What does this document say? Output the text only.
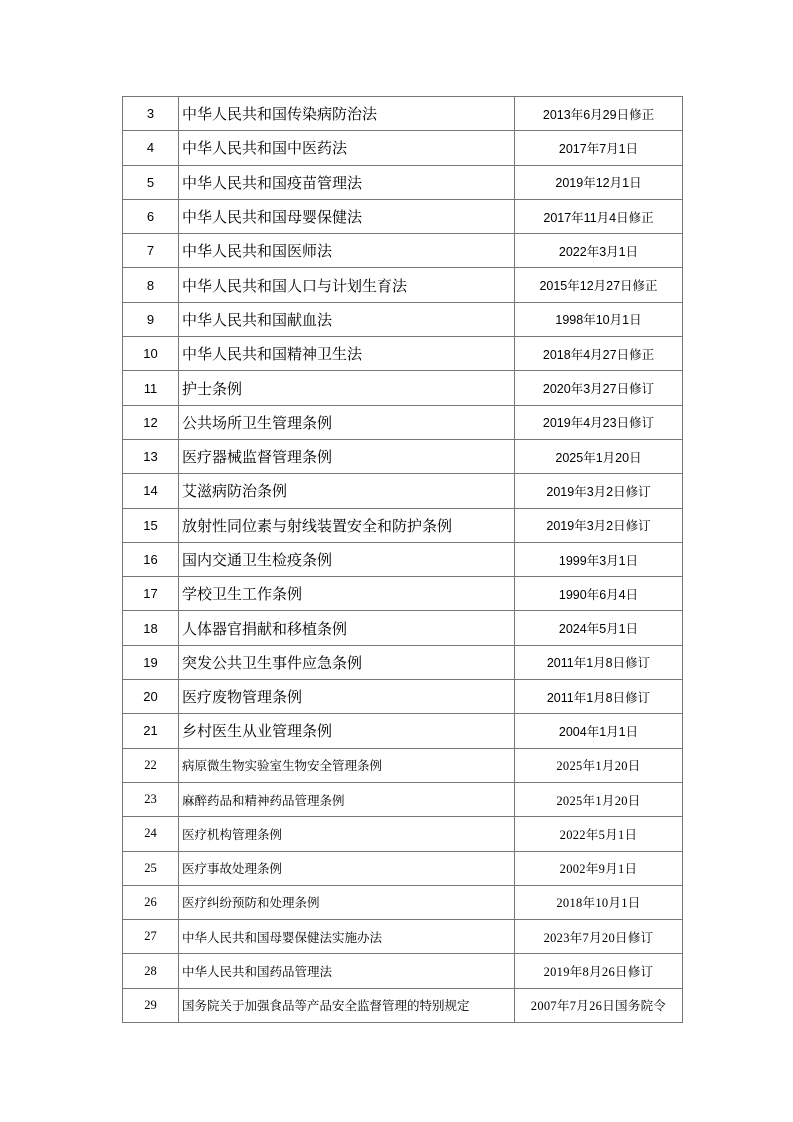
3	中华人民共和国传染病防治法	2013年6月29日修正
4	中华人民共和国中医药法	2017年7月1日
5	中华人民共和国疫苗管理法	2019年12月1日
6	中华人民共和国母婴保健法	2017年11月4日修正
7	中华人民共和国医师法	2022年3月1日
8	中华人民共和国人口与计划生育法	2015年12月27日修正
9	中华人民共和国献血法	1998年10月1日
10	中华人民共和国精神卫生法	2018年4月27日修正
11	护士条例	2020年3月27日修订
12	公共场所卫生管理条例	2019年4月23日修订
13	医疗器械监督管理条例	2025年1月20日
14	艾滋病防治条例	2019年3月2日修订
15	放射性同位素与射线装置安全和防护条例	2019年3月2日修订
16	国内交通卫生检疫条例	1999年3月1日
17	学校卫生工作条例	1990年6月4日
18	人体器官捐献和移植条例	2024年5月1日
19	突发公共卫生事件应急条例	2011年1月8日修订
20	医疗废物管理条例	2011年1月8日修订
21	乡村医生从业管理条例	2004年1月1日
22	病原微生物实验室生物安全管理条例	2025年1月20日
23	麻醉药品和精神药品管理条例	2025年1月20日
24	医疗机构管理条例	2022年5月1日
25	医疗事故处理条例	2002年9月1日
26	医疗纠纷预防和处理条例	2018年10月1日
27	中华人民共和国母婴保健法实施办法	2023年7月20日修订
28	中华人民共和国药品管理法	2019年8月26日修订
29	国务院关于加强食品等产品安全监督管理的特别规定	2007年7月26日国务院令
